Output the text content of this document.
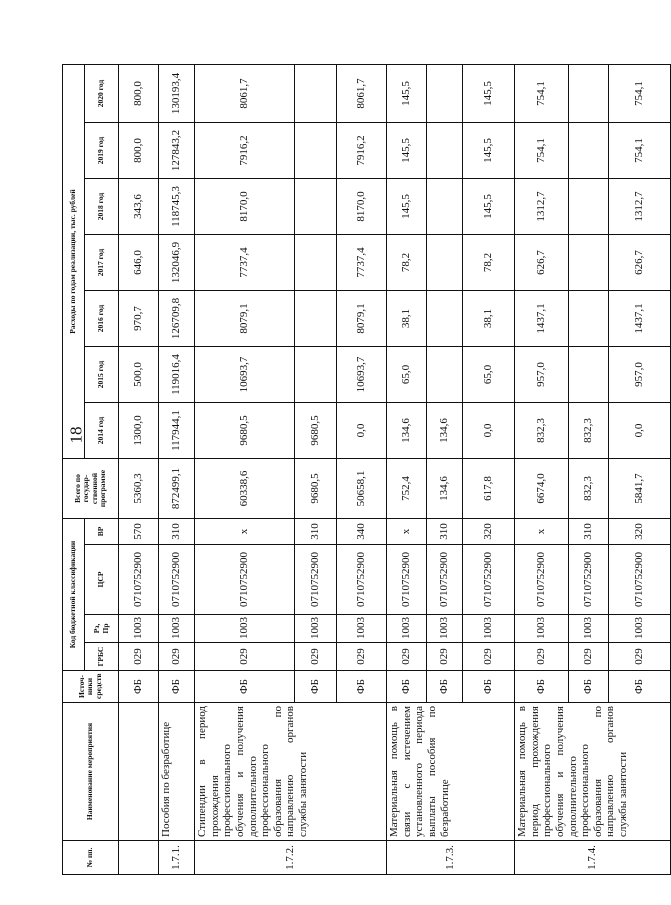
18
№ пп.	Наименование мероприятия	Источ-ники средств	Код бюджетной классификации				Всего по государ-ственной программе	Расходы по годам реализации, тыс. рублей						
			ГРБС	Рз, Пр	ЦСР	ВР		2014 год	2015 год	2016 год	2017 год	2018 год	2019 год	2020 год
		ФБ	029	1003	0710752900	570	5360,3	1300,0	500,0	970,7	646,0	343,6	800,0	800,0
1.7.1.	Пособия по безработице	ФБ	029	1003	0710752900	310	872499,1	117944,1	119016,4	126709,8	132046,9	118745,3	127843,2	130193,4
1.7.2.	Стипендии в период прохождения профессионального обучения и получения дополнительного профессионального образования по направлению органов службы занятости	ФБ	029	1003	0710752900	х	60338,6	9680,5	10693,7	8079,1	7737,4	8170,0	7916,2	8061,7
		ФБ	029	1003	0710752900	310	9680,5	9680,5						
		ФБ	029	1003	0710752900	340	50658,1	0,0	10693,7	8079,1	7737,4	8170,0	7916,2	8061,7
1.7.3.	Материальная помощь в связи с истечением установленного периода выплаты пособия по безработице	ФБ	029	1003	0710752900	х	752,4	134,6	65,0	38,1	78,2	145,5	145,5	145,5
		ФБ	029	1003	0710752900	310	134,6	134,6						
		ФБ	029	1003	0710752900	320	617,8	0,0	65,0	38,1	78,2	145,5	145,5	145,5
1.7.4.	Материальная помощь в период прохождения профессионального обучения и получения дополнительного профессионального образования по направлению органов службы занятости	ФБ	029	1003	0710752900	х	6674,0	832,3	957,0	1437,1	626,7	1312,7	754,1	754,1
		ФБ	029	1003	0710752900	310	832,3	832,3						
		ФБ	029	1003	0710752900	320	5841,7	0,0	957,0	1437,1	626,7	1312,7	754,1	754,1
